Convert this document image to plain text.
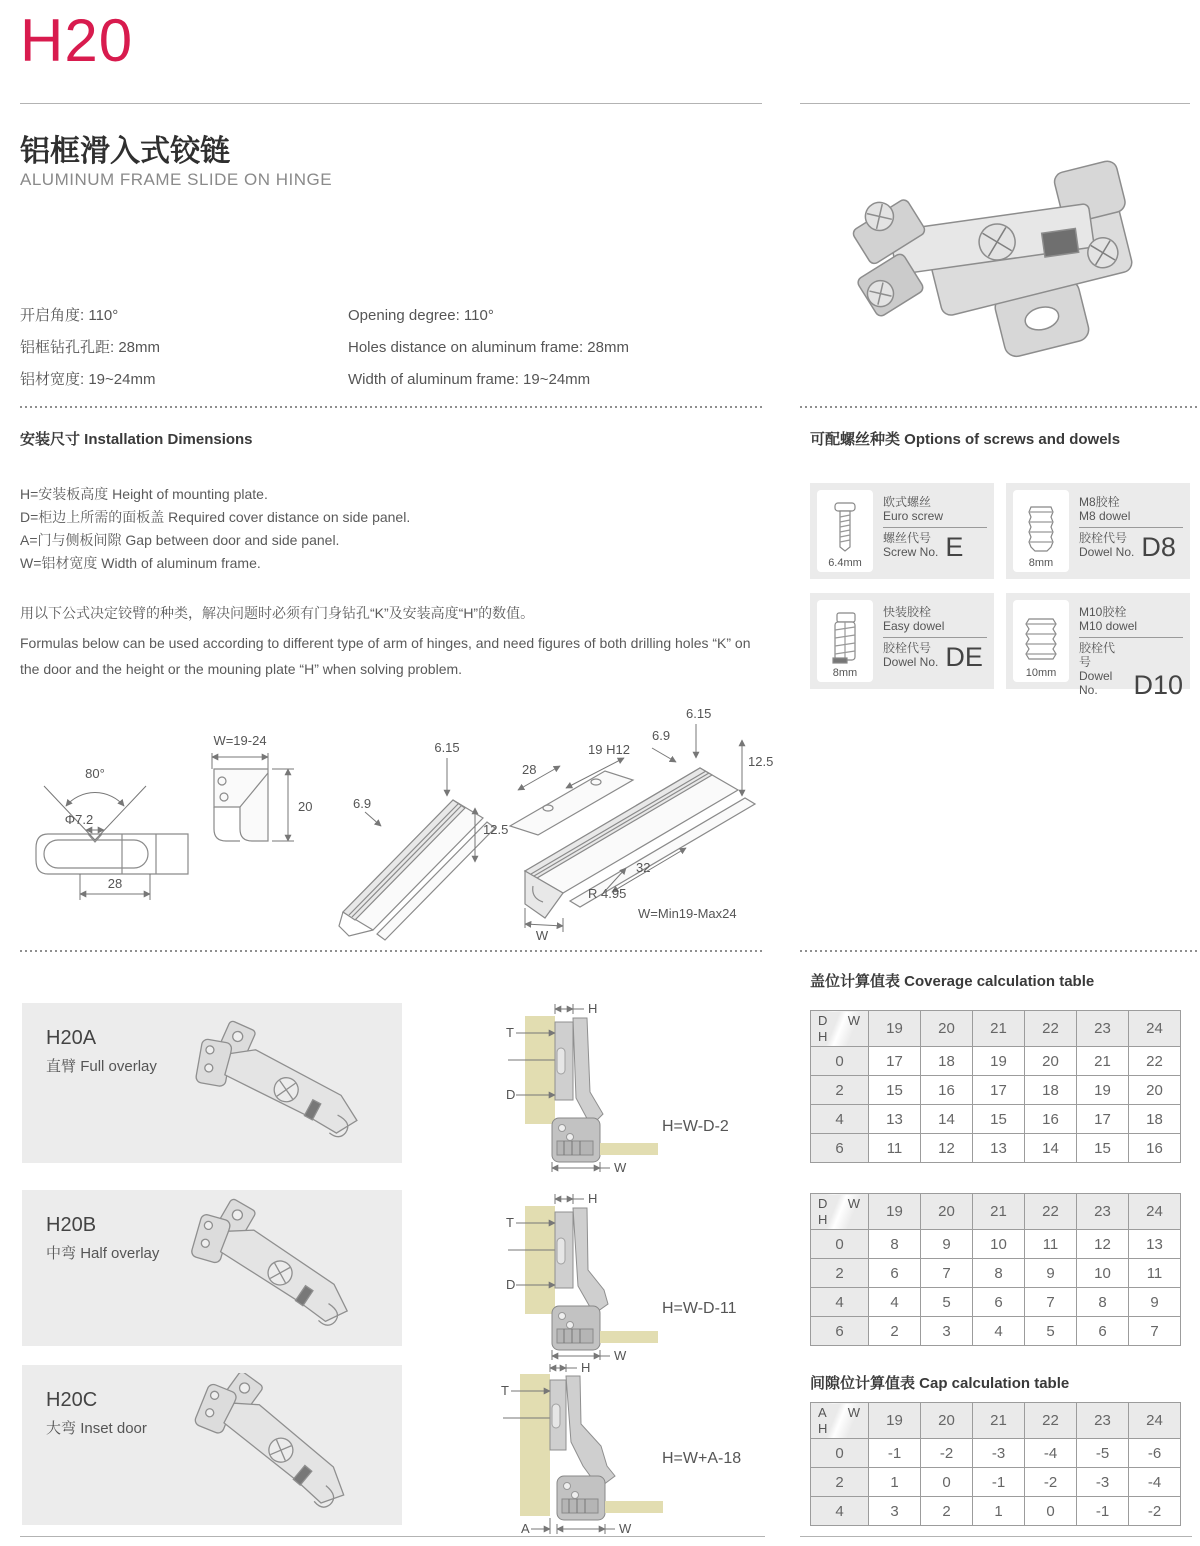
H20
铝框滑入式铰链
ALUMINUM FRAME SLIDE ON HINGE
开启角度: 110°
铝框钻孔孔距: 28mm
铝材宽度: 19~24mm
Opening degree: 110°
Holes distance on aluminum frame: 28mm
Width of aluminum frame: 19~24mm
安装尺寸 Installation Dimensions
H=安装板高度 Height of mounting plate.
D=柜边上所需的面板盖 Required cover distance on side panel.
A=门与侧板间隙 Gap between door and side panel.
W=铝材宽度 Width of aluminum frame.
用以下公式决定铰臂的种类，解决问题时必须有门身钻孔“K”及安装高度“H”的数值。
Formulas below can be used according to different type of arm of hinges, and need figures of both drilling holes “K” on the door and the height or the mouning plate “H” when solving problem.
可配螺丝种类 Options of screws and dowels
6.4mm
欧式螺丝
Euro screw
螺丝代号
Screw No. E
8mm
M8胶栓
M8 dowel
胶栓代号
Dowel No. D8
8mm
快装胶栓
Easy dowel
胶栓代号
Dowel No. DE
10mm
M10胶栓
M10 dowel
胶栓代号
Dowel No.	D10
80°
Φ7.2
28
W=19-24
20	6.9
6.15
12.5
28
19 H12
6.9
6.15
12.5
32
R 4.95
W
W=Min19-Max24
H20A
直臂 Full overlay
H20B
中弯 Half overlay
H20C
大弯 Inset door
H
T
D
W
H=W-D-2
H
T
D
W
H=W-D-11
H
T
A	W
H=W+A-18
盖位计算值表 Coverage calculation table
D W
H	19	20	21	22	23	24
0	17	18	19	20	21	22
2	15	16	17	18	19	20
4	13	14	15	16	17	18
6	11	12	13	14	15	16
D W
H	19	20	21	22	23	24
0	8	9	10	11	12	13
2	6	7	8	9	10	11
4	4	5	6	7	8	9
6	2	3	4	5	6	7
间隙位计算值表 Cap calculation table
A W
H	19	20	21	22	23	24
0	-1	-2	-3	-4	-5	-6
2	1	0	-1	-2	-3	-4
4	3	2	1	0	-1	-2
